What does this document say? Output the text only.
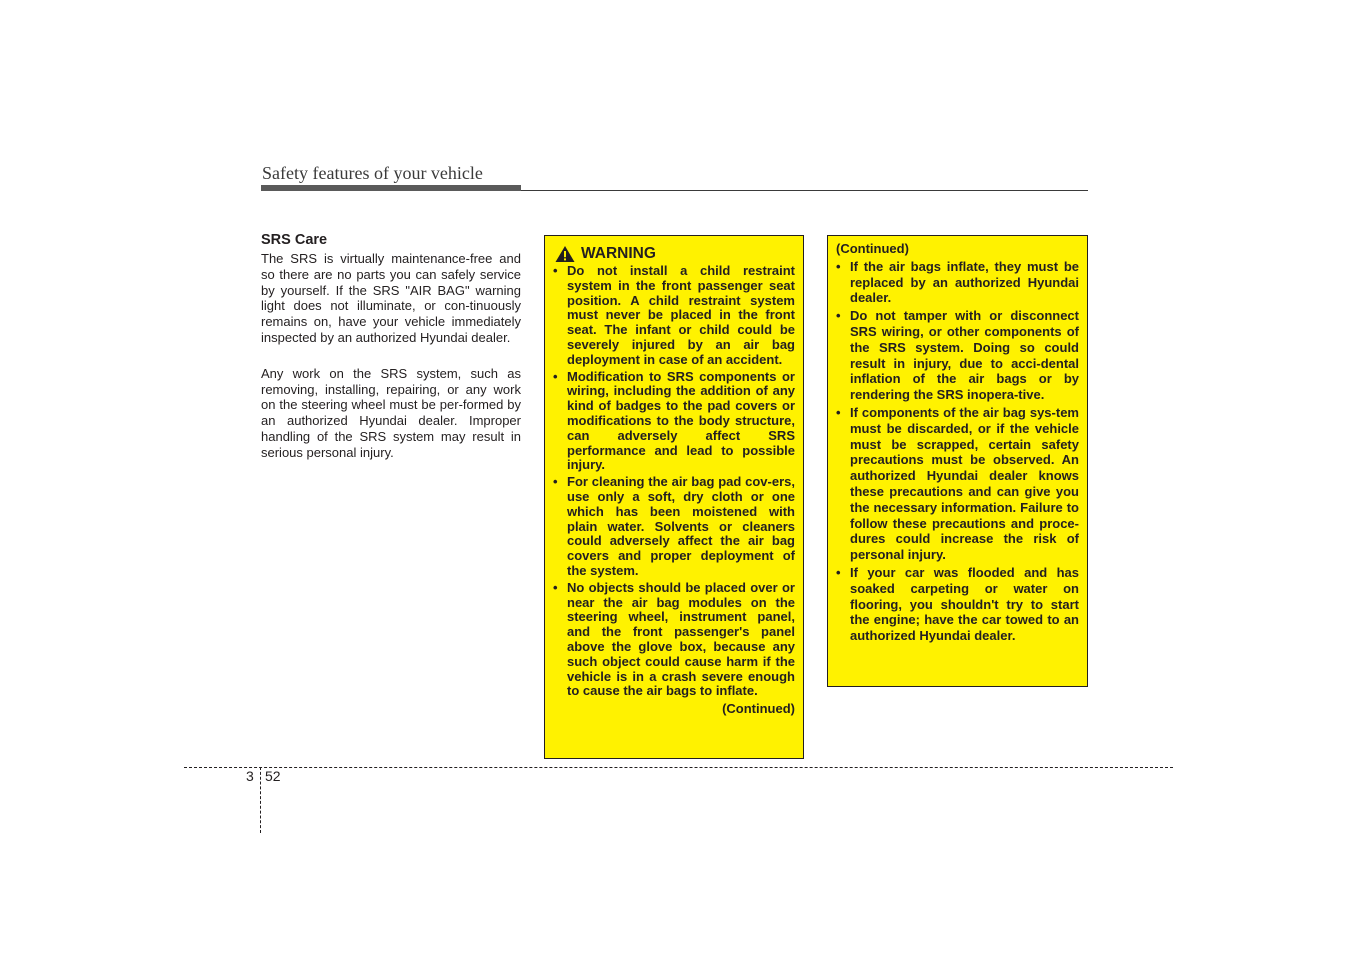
Safety features of your vehicle
SRS Care

The SRS is virtually maintenance-free and so there are no parts you can safely service by yourself. If the SRS "AIR BAG" warning light does not illuminate, or con-tinuously remains on, have your vehicle immediately inspected by an authorized Hyundai dealer.

Any work on the SRS system, such as removing, installing, repairing, or any work on the steering wheel must be per-formed by an authorized Hyundai dealer. Improper handling of the SRS system may result in serious personal injury.

WARNING
• Do not install a child restraint system in the front passenger seat position. A child restraint system must never be placed in the front seat. The infant or child could be severely injured by an air bag deployment in case of an accident.
• Modification to SRS components or wiring, including the addition of any kind of badges to the pad covers or modifications to the body structure, can adversely affect SRS performance and lead to possible injury.
• For cleaning the air bag pad cov-ers, use only a soft, dry cloth or one which has been moistened with plain water. Solvents or cleaners could adversely affect the air bag covers and proper deployment of the system.
• No objects should be placed over or near the air bag modules on the steering wheel, instrument panel, and the front passenger's panel above the glove box, because any such object could cause harm if the vehicle is in a crash severe enough to cause the air bags to inflate.
(Continued)
(Continued)
• If the air bags inflate, they must be replaced by an authorized Hyundai dealer.
• Do not tamper with or disconnect SRS wiring, or other components of the SRS system. Doing so could result in injury, due to acci-dental inflation of the air bags or by rendering the SRS inopera-tive.
• If components of the air bag sys-tem must be discarded, or if the vehicle must be scrapped, certain safety precautions must be observed. An authorized Hyundai dealer knows these precautions and can give you the necessary information. Failure to follow these precautions and proce-dures could increase the risk of personal injury.
• If your car was flooded and has soaked carpeting or water on flooring, you shouldn't try to start the engine; have the car towed to an authorized Hyundai dealer.
3 52
